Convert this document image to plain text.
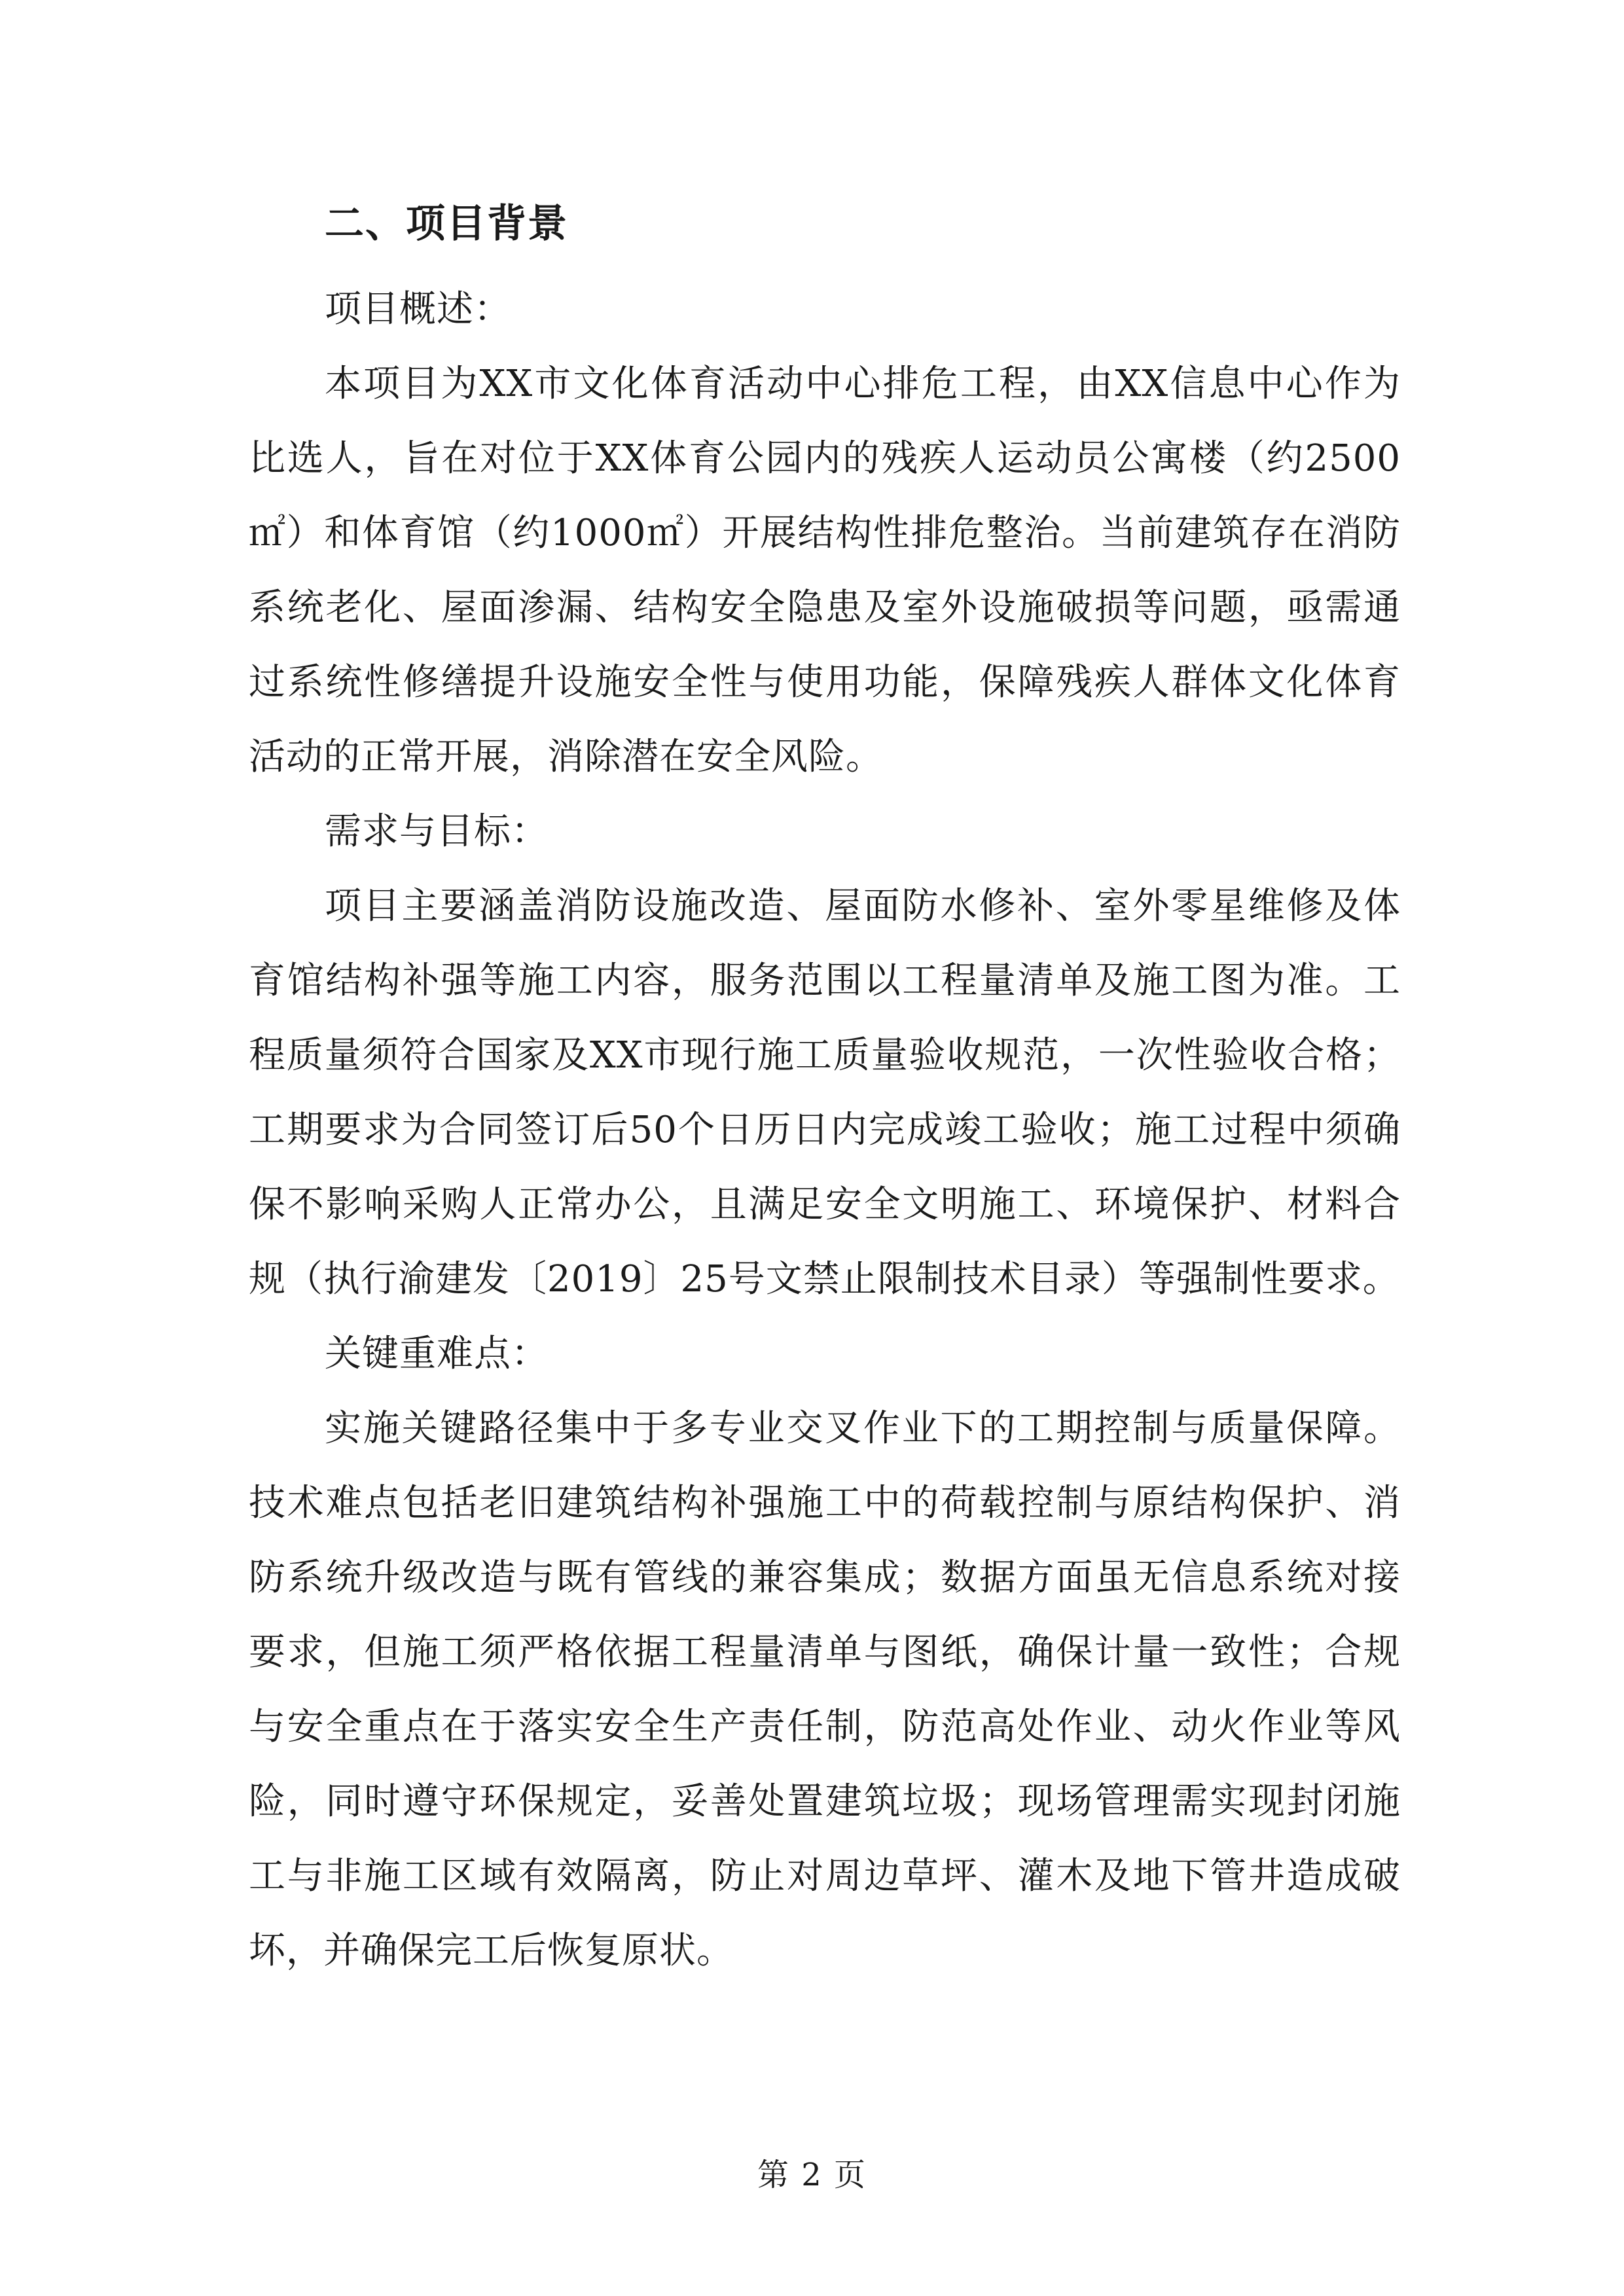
二、项目背景

项目概述：

本项目为XX市文化体育活动中心排危工程，由XX信息中心作为比选人，旨在对位于XX体育公园内的残疾人运动员公寓楼（约2500㎡）和体育馆（约1000㎡）开展结构性排危整治。当前建筑存在消防系统老化、屋面渗漏、结构安全隐患及室外设施破损等问题，亟需通过系统性修缮提升设施安全性与使用功能，保障残疾人群体文化体育活动的正常开展，消除潜在安全风险。

需求与目标：

项目主要涵盖消防设施改造、屋面防水修补、室外零星维修及体育馆结构补强等施工内容，服务范围以工程量清单及施工图为准。工程质量须符合国家及XX市现行施工质量验收规范，一次性验收合格；工期要求为合同签订后50个日历日内完成竣工验收；施工过程中须确保不影响采购人正常办公，且满足安全文明施工、环境保护、材料合规（执行渝建发〔2019〕25号文禁止限制技术目录）等强制性要求。

关键重难点：

实施关键路径集中于多专业交叉作业下的工期控制与质量保障。技术难点包括老旧建筑结构补强施工中的荷载控制与原结构保护、消防系统升级改造与既有管线的兼容集成；数据方面虽无信息系统对接要求，但施工须严格依据工程量清单与图纸，确保计量一致性；合规与安全重点在于落实安全生产责任制，防范高处作业、动火作业等风险，同时遵守环保规定，妥善处置建筑垃圾；现场管理需实现封闭施工与非施工区域有效隔离，防止对周边草坪、灌木及地下管井造成破坏，并确保完工后恢复原状。

第 2 页
